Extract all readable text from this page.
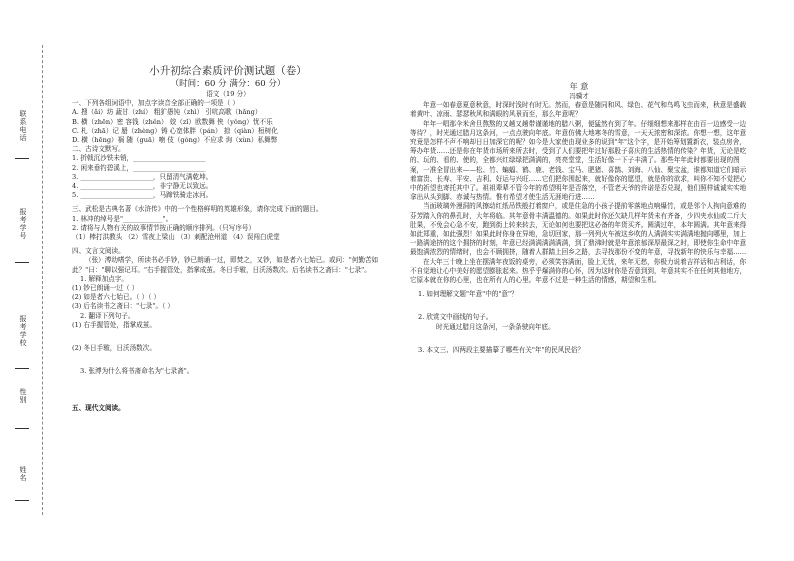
联系电话
报考学号
报考学校
性别
姓名

小升初综合素质评价测试题（卷）

（时间：60 分 满分：60 分）

语文（19 分）

一、下列各组词语中，加点字读音全部正确的一项是（ ）

A. 搜（ǎi）坊 蔬甘（zhí） 粗犷愚钝（zhì） 引吭高歌（hǎng）

B. 横（zhēn）密 容钱（zhěn） 姣（zǐ）欧数舞 侠（yǒng）忧不乐

C. 札（zhā）记 蜃（zhèng）铸 心宽体胖（pán） 掠（qiàn）桓树化

D. 横（hēng）祸 随（guā）喃 伎（gòng）不应求 询（xùn）私舞弊

二、古诗文默写。

1. 折戟沉沙铁未销，______________________

2. 闲来垂钓碧溪上，______________________

3. ______________________，只留清气满乾坤。

4. ______________________，非宁静无以致远。

5. ______________________，马蹄铁骑走冰河。

三、武松是古典名著《水浒传》中的一个性格鲜明的英雄形象，请你完成下面的题目。

1. 林冲的绰号是"____________"。

2. 请将与人物有关的故事情节按正确的顺序排列。（只写序号）

（1）棒打洪教头 （2）雪夜上梁山 （3）刺配沧州道 （4）误闯白虎堂

四、文言文阅读。

（张）溥幼嗜学，所读书必手钞，钞已朗诵一过，即焚之，又钞，如是者六七始已。或问："何勤苦如此？"曰："聊以强记耳。"右手握管处，指掌成茧。冬日手皲，日沃汤数次。后名读书之斋曰："七录"。

1. 解释加点字。

(1) 钞已朗诵一过（ ）

(2) 如是者六七始已。（ ）（ ）

(3) 后名读书之斋曰："七录"。（ ）

2. 翻译下列句子。

(1) 右手握管处，指掌成茧。

(2) 冬日手皲，日沃汤数次。

3. 张溥为什么将书斋命名为"七录斋"。

五、现代文阅读。

年 意

冯骥才

年意一如春意夏意秋意，时深时浅时有时无。然而，春意是随同和风、绿色、花气和鸟鸣飞虫而来，秋意是盛载着黄叶、凉雨、瑟瑟秋风和满眼的风景而至，那么年意呢？

年年一唱那伞米舍旦熬熬的又趟又趟带谨谨地的腊八粥，便猛然有到了年。仔细细想来那样在由百一边感受一边等待？，时光通过腊月这条河，一点点驶向年底。年意仿佛大地寒冬的雪意，一天天浓密和深浓。你想一想，这年意究竟是怎样不声不响却日日加深它的呢？如今是大家使由现业多的说到"年"这个字，是开始筹划置新衣，装点房舍，筹办年货……还是你在年货市场所来所去时，受到了人们要把年过好那股子喜庆的生活热情的传染？年货，无论是吃的、玩的、看的、使的，全都兴红绿绿把满满的，亮亮堂堂，生活好像一下子丰满了。那些年年此时都要出现的图案，一准全冒出来——松、竹、蝙蝠、鹤、鹿、老钱、宝马、肥猪、喜鹊、刘海、八仙、聚宝盆，谁都知道它们暗示着富贵、长寿、平安、吉利、好运与兴旺……它们把你围起来，就好像你的愿望，就是你的欲求，叫你不知不觉把心中的祈望也寄托其中了。祖祖辈辈不管今年的希望明年是否落空，不管老天爷的许诺是否兑现，他们照样诚诚实实地拿出从头到脚、赤诚与热情。惟有希望才使生活无涯地行进……

当面玻璃外漫洞的风擦动红纸吊铁般打着窗户，或是住急的小孩子提前零落地点响爆竹，或是邻个人拘向意难的芬芳踏入你的鼻孔时，大年将临。其年意骨丰满温德的。如果此时你还欠缺几样年货未有齐备，少四夹水仙或二斤大肚果，不免会心急不安，跑到街上转来转去，无论如何也要把这必备的年货买齐。圆满过年，本年圆满。其年意来得如此郑重，如此强烈！如果此时你身在异地，急切回家，那一列列火车被这乡吹的人满满实实满满地抛向哪里，加上一路满途挤的这个拥挤的时刻，年意已经满满满满满满，到了鼎沸时就是年意浓郁深厚最深之时，即使你生命中年意最饱满浓烈的情绪时，也会不顾拥挤，随着人群踏上回乡之路，去寻找那份不变的年意，寻找新年的快乐与幸福……

在大年三十晚上坐在摆满年夜饭的桌旁，必须笑容满面，脸上无忧，来年无愁，你极力说着吉祥话和吉利话，你不自觉地让心中美好的愿望膨胀起来。热乎乎爆满你的心怀，因为这时你是否意到到，年意其实不在任何其他地方，它原本就在你的心里，也在所有人的心里。年意不过是一种生活的情感，期望和生机。

1. 如何理解文题"年意"中的"意"？

2. 欣赏文中画线的句子。

时光通过腊月这条河，一条条驶向年底。

3. 本文三、四两段主要描摹了哪些有关"年"的民风民俗？
